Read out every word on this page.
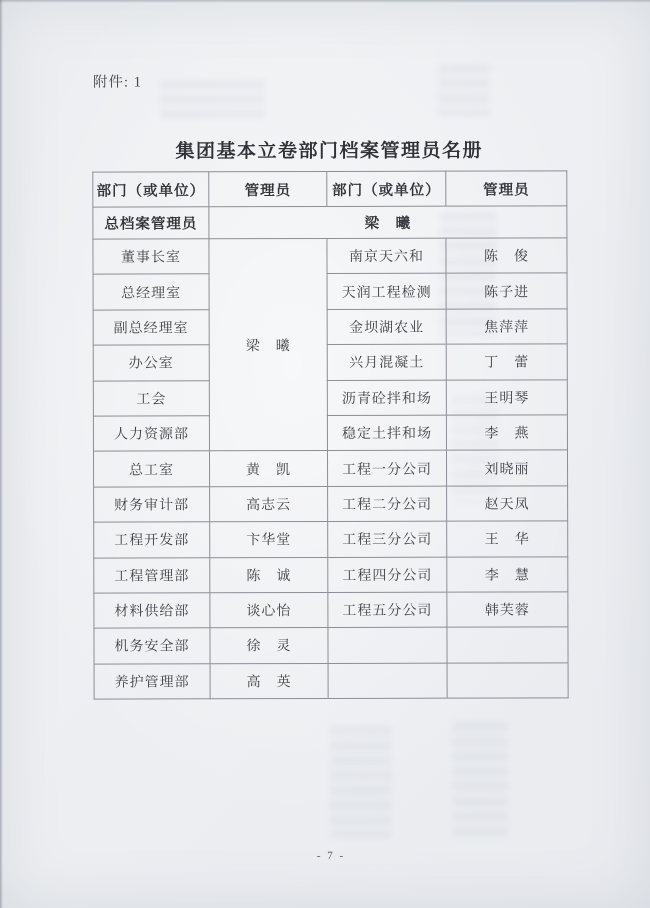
附件: 1
集团基本立卷部门档案管理员名册
部门（或单位）	管理员	部门（或单位）	管理员
总档案管理员	梁　曦		
董事长室	梁　曦	南京天六和	陈　俊
总经理室		天润工程检测	陈子进
副总经理室		金坝湖农业	焦萍萍
办公室		兴月混凝土	丁　蕾
工会		沥青砼拌和场	王明琴
人力资源部		稳定土拌和场	李　燕
总工室	黄　凯	工程一分公司	刘晓丽
财务审计部	高志云	工程二分公司	赵天凤
工程开发部	卞华堂	工程三分公司	王　华
工程管理部	陈　诚	工程四分公司	李　慧
材料供给部	谈心怡	工程五分公司	韩芙蓉
机务安全部	徐　灵		
养护管理部	高　英		
- 7 -
